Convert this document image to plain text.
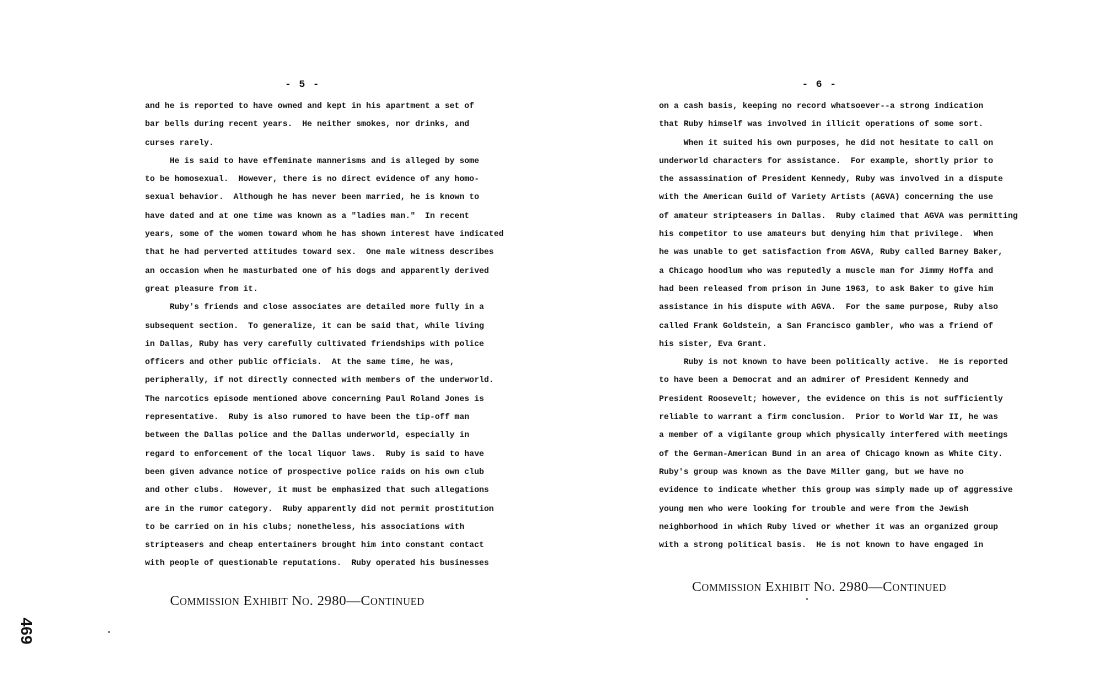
- 5 -
and he is reported to have owned and kept in his apartment a set of
bar bells during recent years.  He neither smokes, nor drinks, and
curses rarely.
He is said to have effeminate mannerisms and is alleged by some
to be homosexual.  However, there is no direct evidence of any homo-
sexual behavior.  Although he has never been married, he is known to
have dated and at one time was known as a "ladies man."  In recent
years, some of the women toward whom he has shown interest have indicated
that he had perverted attitudes toward sex.  One male witness describes
an occasion when he masturbated one of his dogs and apparently derived
great pleasure from it.
Ruby's friends and close associates are detailed more fully in a
subsequent section.  To generalize, it can be said that, while living
in Dallas, Ruby has very carefully cultivated friendships with police
officers and other public officials.  At the same time, he was,
peripherally, if not directly connected with members of the underworld.
The narcotics episode mentioned above concerning Paul Roland Jones is
representative.  Ruby is also rumored to have been the tip-off man
between the Dallas police and the Dallas underworld, especially in
regard to enforcement of the local liquor laws.  Ruby is said to have
been given advance notice of prospective police raids on his own club
and other clubs.  However, it must be emphasized that such allegations
are in the rumor category.  Ruby apparently did not permit prostitution
to be carried on in his clubs; nonetheless, his associations with
stripteasers and cheap entertainers brought him into constant contact
with people of questionable reputations.  Ruby operated his businesses
Commission Exhibit No. 2980—Continued
469
- 6 -
on a cash basis, keeping no record whatsoever--a strong indication
that Ruby himself was involved in illicit operations of some sort.
When it suited his own purposes, he did not hesitate to call on
underworld characters for assistance.  For example, shortly prior to
the assassination of President Kennedy, Ruby was involved in a dispute
with the American Guild of Variety Artists (AGVA) concerning the use
of amateur stripteasers in Dallas.  Ruby claimed that AGVA was permitting
his competitor to use amateurs but denying him that privilege.  When
he was unable to get satisfaction from AGVA, Ruby called Barney Baker,
a Chicago hoodlum who was reputedly a muscle man for Jimmy Hoffa and
had been released from prison in June 1963, to ask Baker to give him
assistance in his dispute with AGVA.  For the same purpose, Ruby also
called Frank Goldstein, a San Francisco gambler, who was a friend of
his sister, Eva Grant.
Ruby is not known to have been politically active.  He is reported
to have been a Democrat and an admirer of President Kennedy and
President Roosevelt; however, the evidence on this is not sufficiently
reliable to warrant a firm conclusion.  Prior to World War II, he was
a member of a vigilante group which physically interfered with meetings
of the German-American Bund in an area of Chicago known as White City.
Ruby's group was known as the Dave Miller gang, but we have no
evidence to indicate whether this group was simply made up of aggressive
young men who were looking for trouble and were from the Jewish
neighborhood in which Ruby lived or whether it was an organized group
with a strong political basis.  He is not known to have engaged in
Commission Exhibit No. 2980—Continued
